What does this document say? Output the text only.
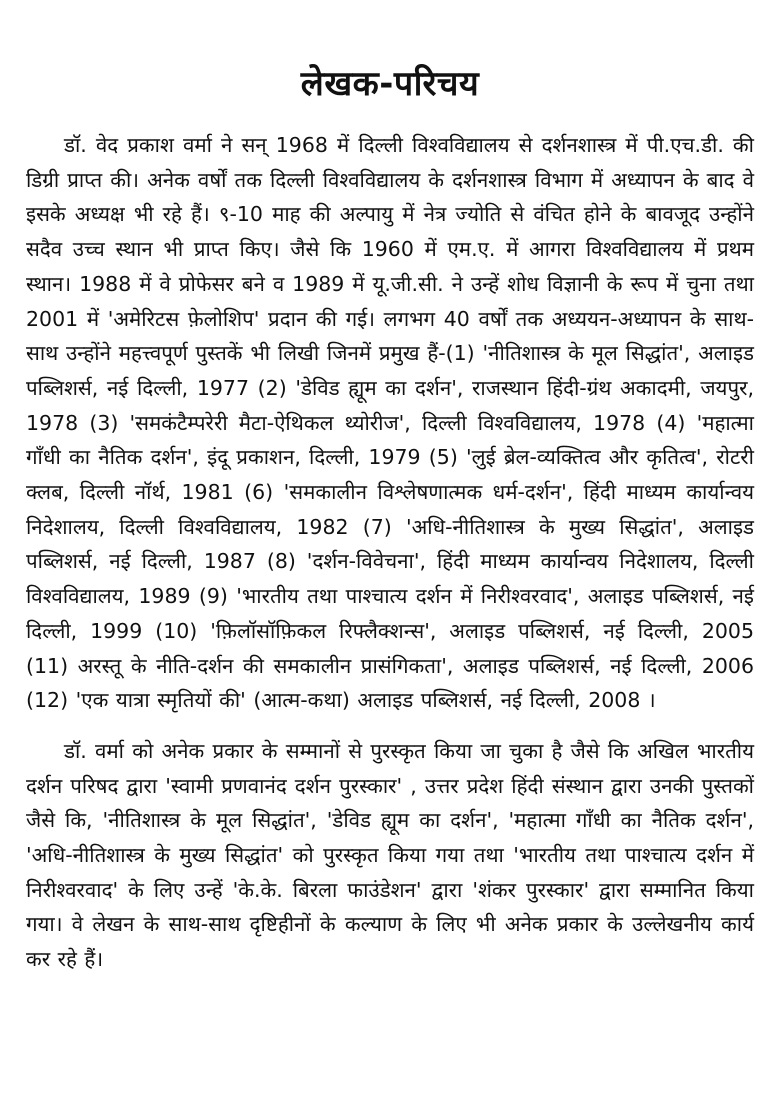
लेखक-परिचय

डॉ. वेद प्रकाश वर्मा ने सन् 1968 में दिल्ली विश्वविद्यालय से दर्शनशास्त्र में पी.एच.डी. की डिग्री प्राप्त की। अनेक वर्षों तक दिल्ली विश्वविद्यालय के दर्शनशास्त्र विभाग में अध्यापन के बाद वे इसके अध्यक्ष भी रहे हैं। ९-10 माह की अल्पायु में नेत्र ज्योति से वंचित होने के बावजूद उन्होंने सदैव उच्च स्थान भी प्राप्त किए। जैसे कि 1960 में एम.ए. में आगरा विश्वविद्यालय में प्रथम स्थान। 1988 में वे प्रोफेसर बने व 1989 में यू.जी.सी. ने उन्हें शोध विज्ञानी के रूप में चुना तथा 2001 में 'अमेरिटस फ़ेलोशिप' प्रदान की गई। लगभग 40 वर्षों तक अध्ययन-अध्यापन के साथ-साथ उन्होंने महत्त्वपूर्ण पुस्तकें भी लिखी जिनमें प्रमुख हैं-(1) 'नीतिशास्त्र के मूल सिद्धांत', अलाइड पब्लिशर्स, नई दिल्ली, 1977 (2) 'डेविड ह्यूम का दर्शन', राजस्थान हिंदी-ग्रंथ अकादमी, जयपुर, 1978 (3) 'समकंटैम्परेरी मैटा-ऐथिकल थ्योरीज', दिल्ली विश्वविद्यालय, 1978 (4) 'महात्मा गाँधी का नैतिक दर्शन', इंदू प्रकाशन, दिल्ली, 1979 (5) 'लुई ब्रेल-व्यक्तित्व और कृतित्व', रोटरी क्लब, दिल्ली नॉर्थ, 1981 (6) 'समकालीन विश्लेषणात्मक धर्म-दर्शन', हिंदी माध्यम कार्यान्वय निदेशालय, दिल्ली विश्वविद्यालय, 1982 (7) 'अधि-नीतिशास्त्र के मुख्य सिद्धांत', अलाइड पब्लिशर्स, नई दिल्ली, 1987 (8) 'दर्शन-विवेचना', हिंदी माध्यम कार्यान्वय निदेशालय, दिल्ली विश्वविद्यालय, 1989 (9) 'भारतीय तथा पाश्चात्य दर्शन में निरीश्वरवाद', अलाइड पब्लिशर्स, नई दिल्ली, 1999 (10) 'फ़िलॉसॉफ़िकल रिफ्लैक्शन्स', अलाइड पब्लिशर्स, नई दिल्ली, 2005 (11) अरस्तू के नीति-दर्शन की समकालीन प्रासंगिकता', अलाइड पब्लिशर्स, नई दिल्ली, 2006 (12) 'एक यात्रा स्मृतियों की' (आत्म-कथा) अलाइड पब्लिशर्स, नई दिल्ली, 2008 ।

डॉ. वर्मा को अनेक प्रकार के सम्मानों से पुरस्कृत किया जा चुका है जैसे कि अखिल भारतीय दर्शन परिषद द्वारा 'स्वामी प्रणवानंद दर्शन पुरस्कार' , उत्तर प्रदेश हिंदी संस्थान द्वारा उनकी पुस्तकों जैसे कि, 'नीतिशास्त्र के मूल सिद्धांत', 'डेविड ह्यूम का दर्शन', 'महात्मा गाँधी का नैतिक दर्शन', 'अधि-नीतिशास्त्र के मुख्य सिद्धांत' को पुरस्कृत किया गया तथा 'भारतीय तथा पाश्चात्य दर्शन में निरीश्वरवाद' के लिए उन्हें 'के.के. बिरला फाउंडेशन' द्वारा 'शंकर पुरस्कार' द्वारा सम्मानित किया गया। वे लेखन के साथ-साथ दृष्टिहीनों के कल्याण के लिए भी अनेक प्रकार के उल्लेखनीय कार्य कर रहे हैं।
